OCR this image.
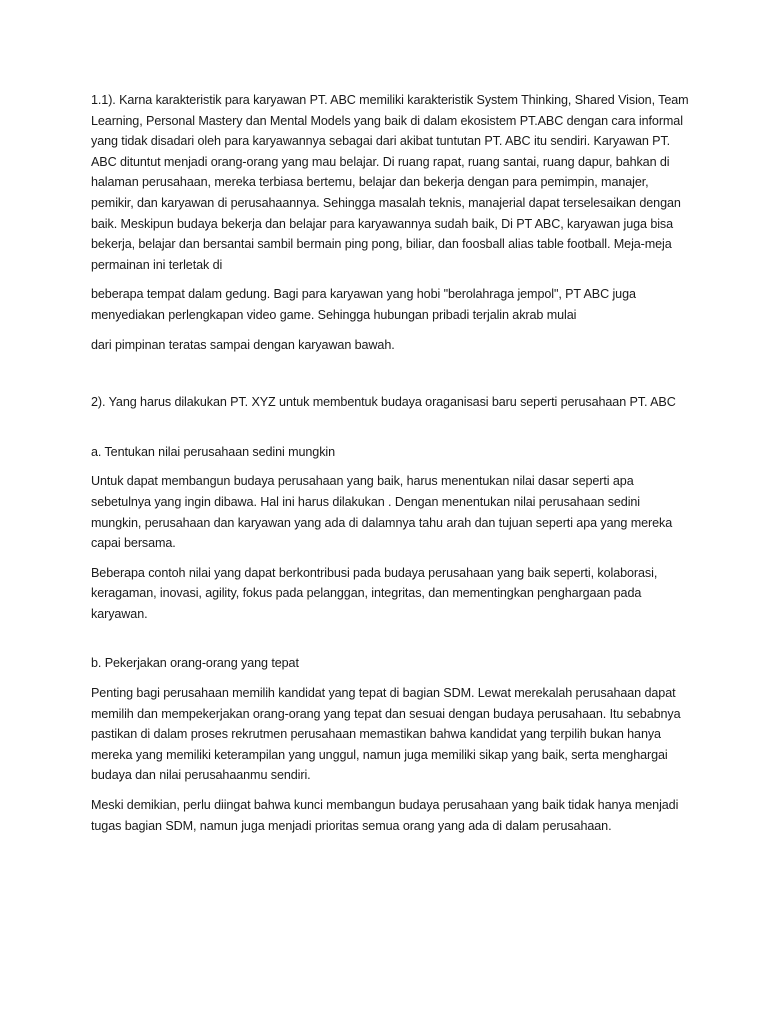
1.1). Karna karakteristik para karyawan PT. ABC memiliki karakteristik System Thinking, Shared Vision, Team Learning, Personal Mastery dan Mental Models yang baik di dalam ekosistem PT.ABC dengan cara informal yang tidak disadari oleh para karyawannya sebagai dari akibat tuntutan PT. ABC itu sendiri. Karyawan PT. ABC dituntut menjadi orang-orang yang mau belajar. Di ruang rapat, ruang santai, ruang dapur, bahkan di halaman perusahaan, mereka terbiasa bertemu, belajar dan bekerja dengan para pemimpin, manajer, pemikir, dan karyawan di perusahaannya. Sehingga masalah teknis, manajerial dapat terselesaikan dengan baik. Meskipun budaya bekerja dan belajar para karyawannya sudah baik, Di PT ABC, karyawan juga bisa bekerja, belajar dan bersantai sambil bermain ping pong, biliar, dan foosball alias table football. Meja-meja permainan ini terletak di

beberapa tempat dalam gedung. Bagi para karyawan yang hobi "berolahraga jempol", PT ABC juga menyediakan perlengkapan video game. Sehingga hubungan pribadi terjalin akrab mulai

dari pimpinan teratas sampai dengan karyawan bawah.

2). Yang harus dilakukan PT. XYZ untuk membentuk budaya oraganisasi baru seperti perusahaan PT. ABC

a. Tentukan nilai perusahaan sedini mungkin

Untuk dapat membangun budaya perusahaan yang baik, harus menentukan nilai dasar seperti apa sebetulnya yang ingin dibawa. Hal ini harus dilakukan . Dengan menentukan nilai perusahaan sedini mungkin, perusahaan dan karyawan yang ada di dalamnya tahu arah dan tujuan seperti apa yang mereka capai bersama.

Beberapa contoh nilai yang dapat berkontribusi pada budaya perusahaan yang baik seperti, kolaborasi, keragaman, inovasi, agility, fokus pada pelanggan, integritas, dan mementingkan penghargaan pada karyawan.

b. Pekerjakan orang-orang yang tepat

Penting bagi perusahaan memilih kandidat yang tepat di bagian SDM. Lewat merekalah perusahaan dapat memilih dan mempekerjakan orang-orang yang tepat dan sesuai dengan budaya perusahaan. Itu sebabnya pastikan di dalam proses rekrutmen perusahaan memastikan bahwa kandidat yang terpilih bukan hanya mereka yang memiliki keterampilan yang unggul, namun juga memiliki sikap yang baik, serta menghargai budaya dan nilai perusahaanmu sendiri.

Meski demikian, perlu diingat bahwa kunci membangun budaya perusahaan yang baik tidak hanya menjadi tugas bagian SDM, namun juga menjadi prioritas semua orang yang ada di dalam perusahaan.
